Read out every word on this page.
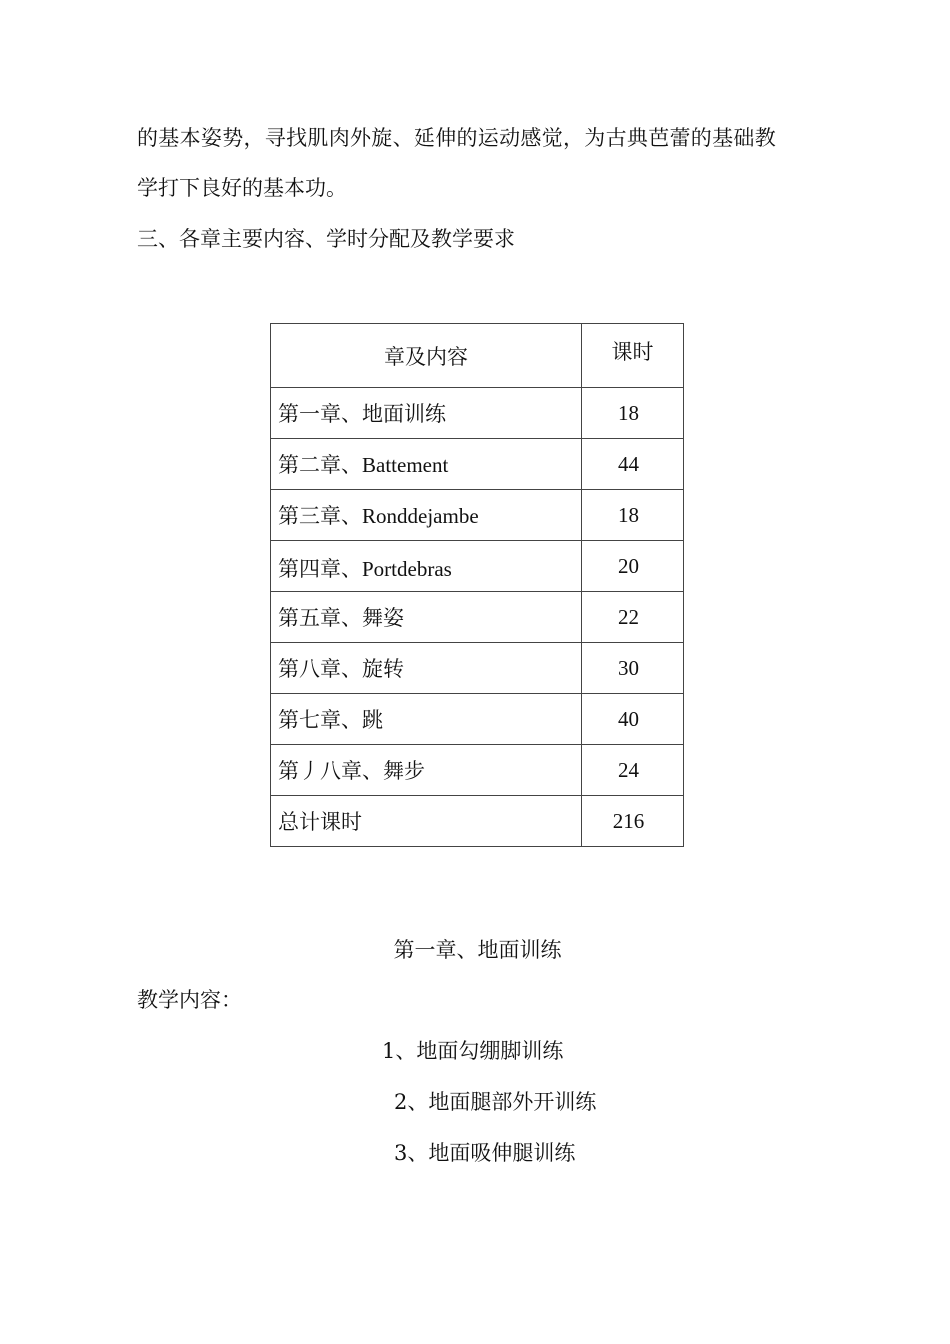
的基本姿势，寻找肌肉外旋、延伸的运动感觉，为古典芭蕾的基础教
学打下良好的基本功。
三、各章主要内容、学时分配及教学要求
章及内容	课时
第一章、地面训练	18
第二章、Battement	44
第三章、Ronddejambe	18
第四章、Portdebras	20
第五章、舞姿	22
第八章、旋转	30
第七章、跳	40
第丿八章、舞步	24
总计课时	216
第一章、地面训练
教学内容：
1、地面勾绷脚训练
2、地面腿部外开训练
3、地面吸伸腿训练
